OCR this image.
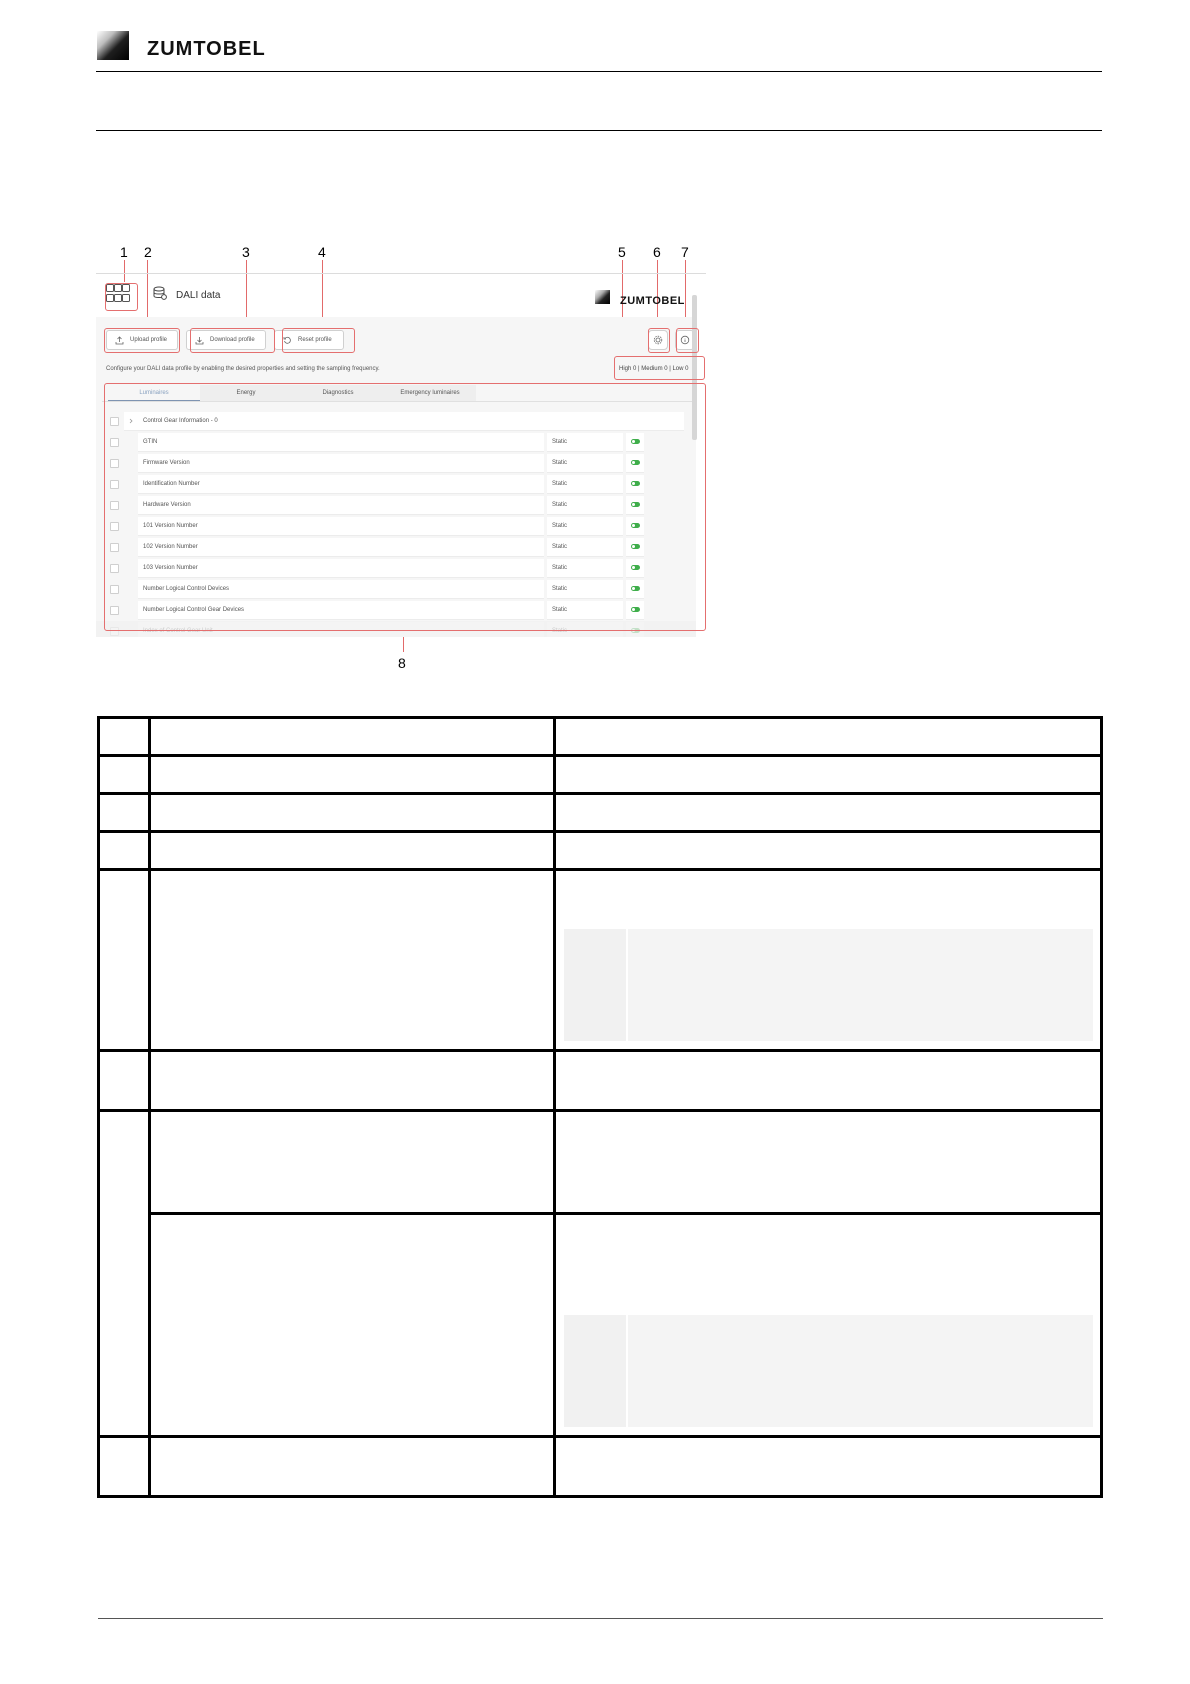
ZUMTOBEL
1 2	3	4	5 6 7
8
DALI data	ZUMTOBEL
Upload profile	Download profile	Reset profile
Configure your DALI data profile by enabling the desired properties and setting the sampling frequency.	High 0 | Medium 0 | Low 0
Luminaires	Energy	Diagnostics	Emergency luminaires
Control Gear Information - 0
GTIN	Static
Firmware Version	Static
Identification Number	Static
Hardware Version	Static
101 Version Number	Static
102 Version Number	Static
103 Version Number	Static
Number Logical Control Devices	Static
Number Logical Control Gear Devices	Static
